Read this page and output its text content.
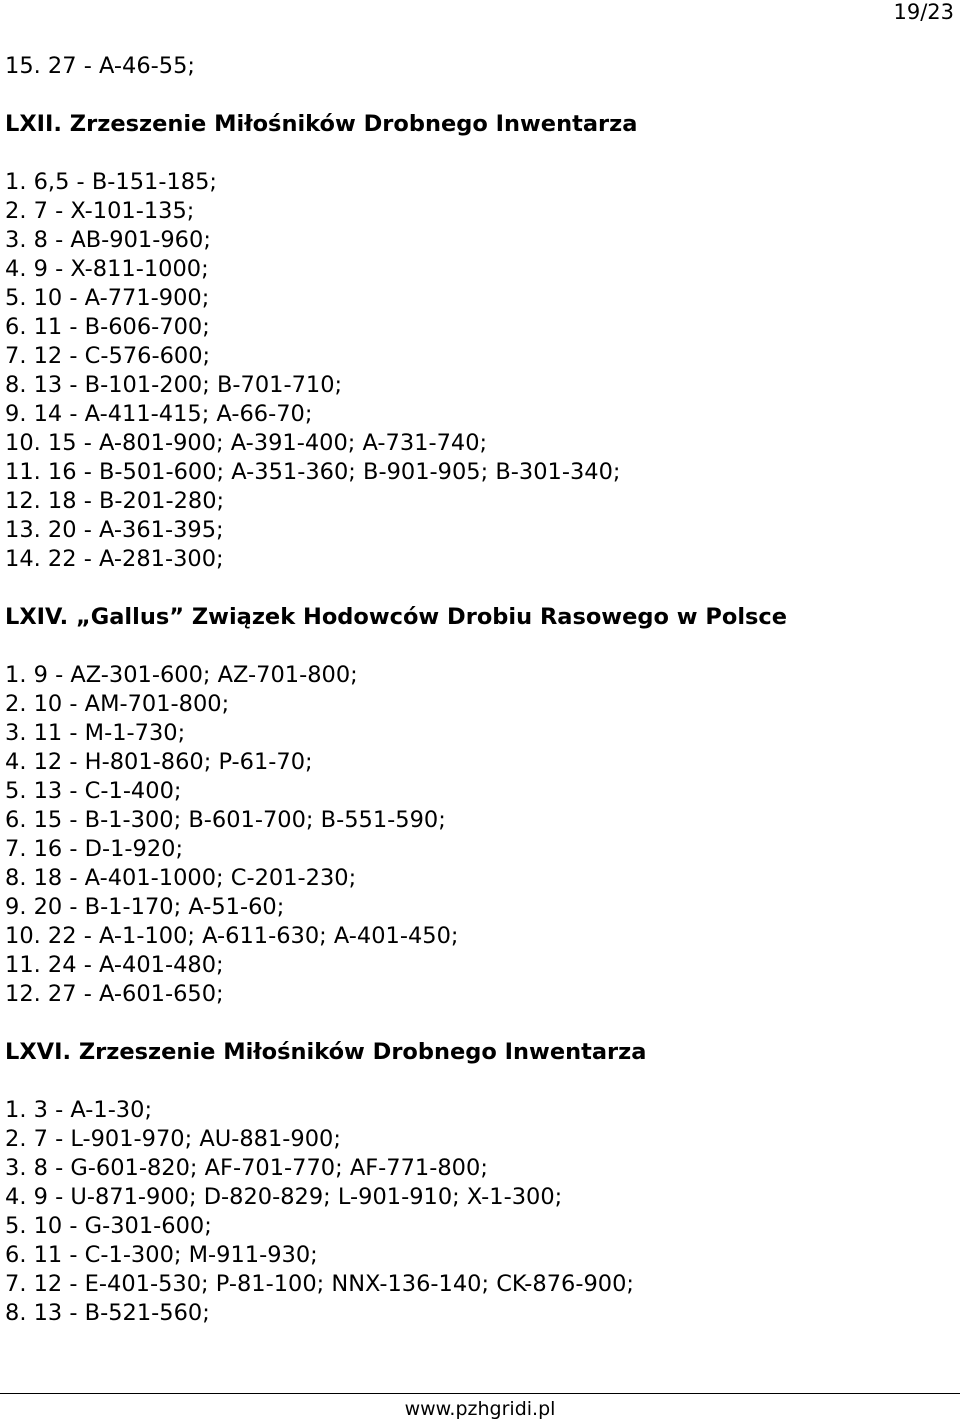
19/23
15. 27 - A-46-55;
LXII. Zrzeszenie Miłośników Drobnego Inwentarza
1. 6,5 - B-151-185;
2. 7 - X-101-135;
3. 8 - AB-901-960;
4. 9 - X-811-1000;
5. 10 - A-771-900;
6. 11 - B-606-700;
7. 12 - C-576-600;
8. 13 - B-101-200; B-701-710;
9. 14 - A-411-415; A-66-70;
10. 15 - A-801-900; A-391-400; A-731-740;
11. 16 - B-501-600; A-351-360; B-901-905; B-301-340;
12. 18 - B-201-280;
13. 20 - A-361-395;
14. 22 - A-281-300;
LXIV. „Gallus” Związek Hodowców Drobiu Rasowego w Polsce
1. 9 - AZ-301-600; AZ-701-800;
2. 10 - AM-701-800;
3. 11 - M-1-730;
4. 12 - H-801-860; P-61-70;
5. 13 - C-1-400;
6. 15 - B-1-300; B-601-700; B-551-590;
7. 16 - D-1-920;
8. 18 - A-401-1000; C-201-230;
9. 20 - B-1-170; A-51-60;
10. 22 - A-1-100; A-611-630; A-401-450;
11. 24 - A-401-480;
12. 27 - A-601-650;
LXVI. Zrzeszenie Miłośników Drobnego Inwentarza
1. 3 - A-1-30;
2. 7 - L-901-970; AU-881-900;
3. 8 - G-601-820; AF-701-770; AF-771-800;
4. 9 - U-871-900; D-820-829; L-901-910; X-1-300;
5. 10 - G-301-600;
6. 11 - C-1-300; M-911-930;
7. 12 - E-401-530; P-81-100; NNX-136-140; CK-876-900;
8. 13 - B-521-560;
www.pzhgridi.pl
